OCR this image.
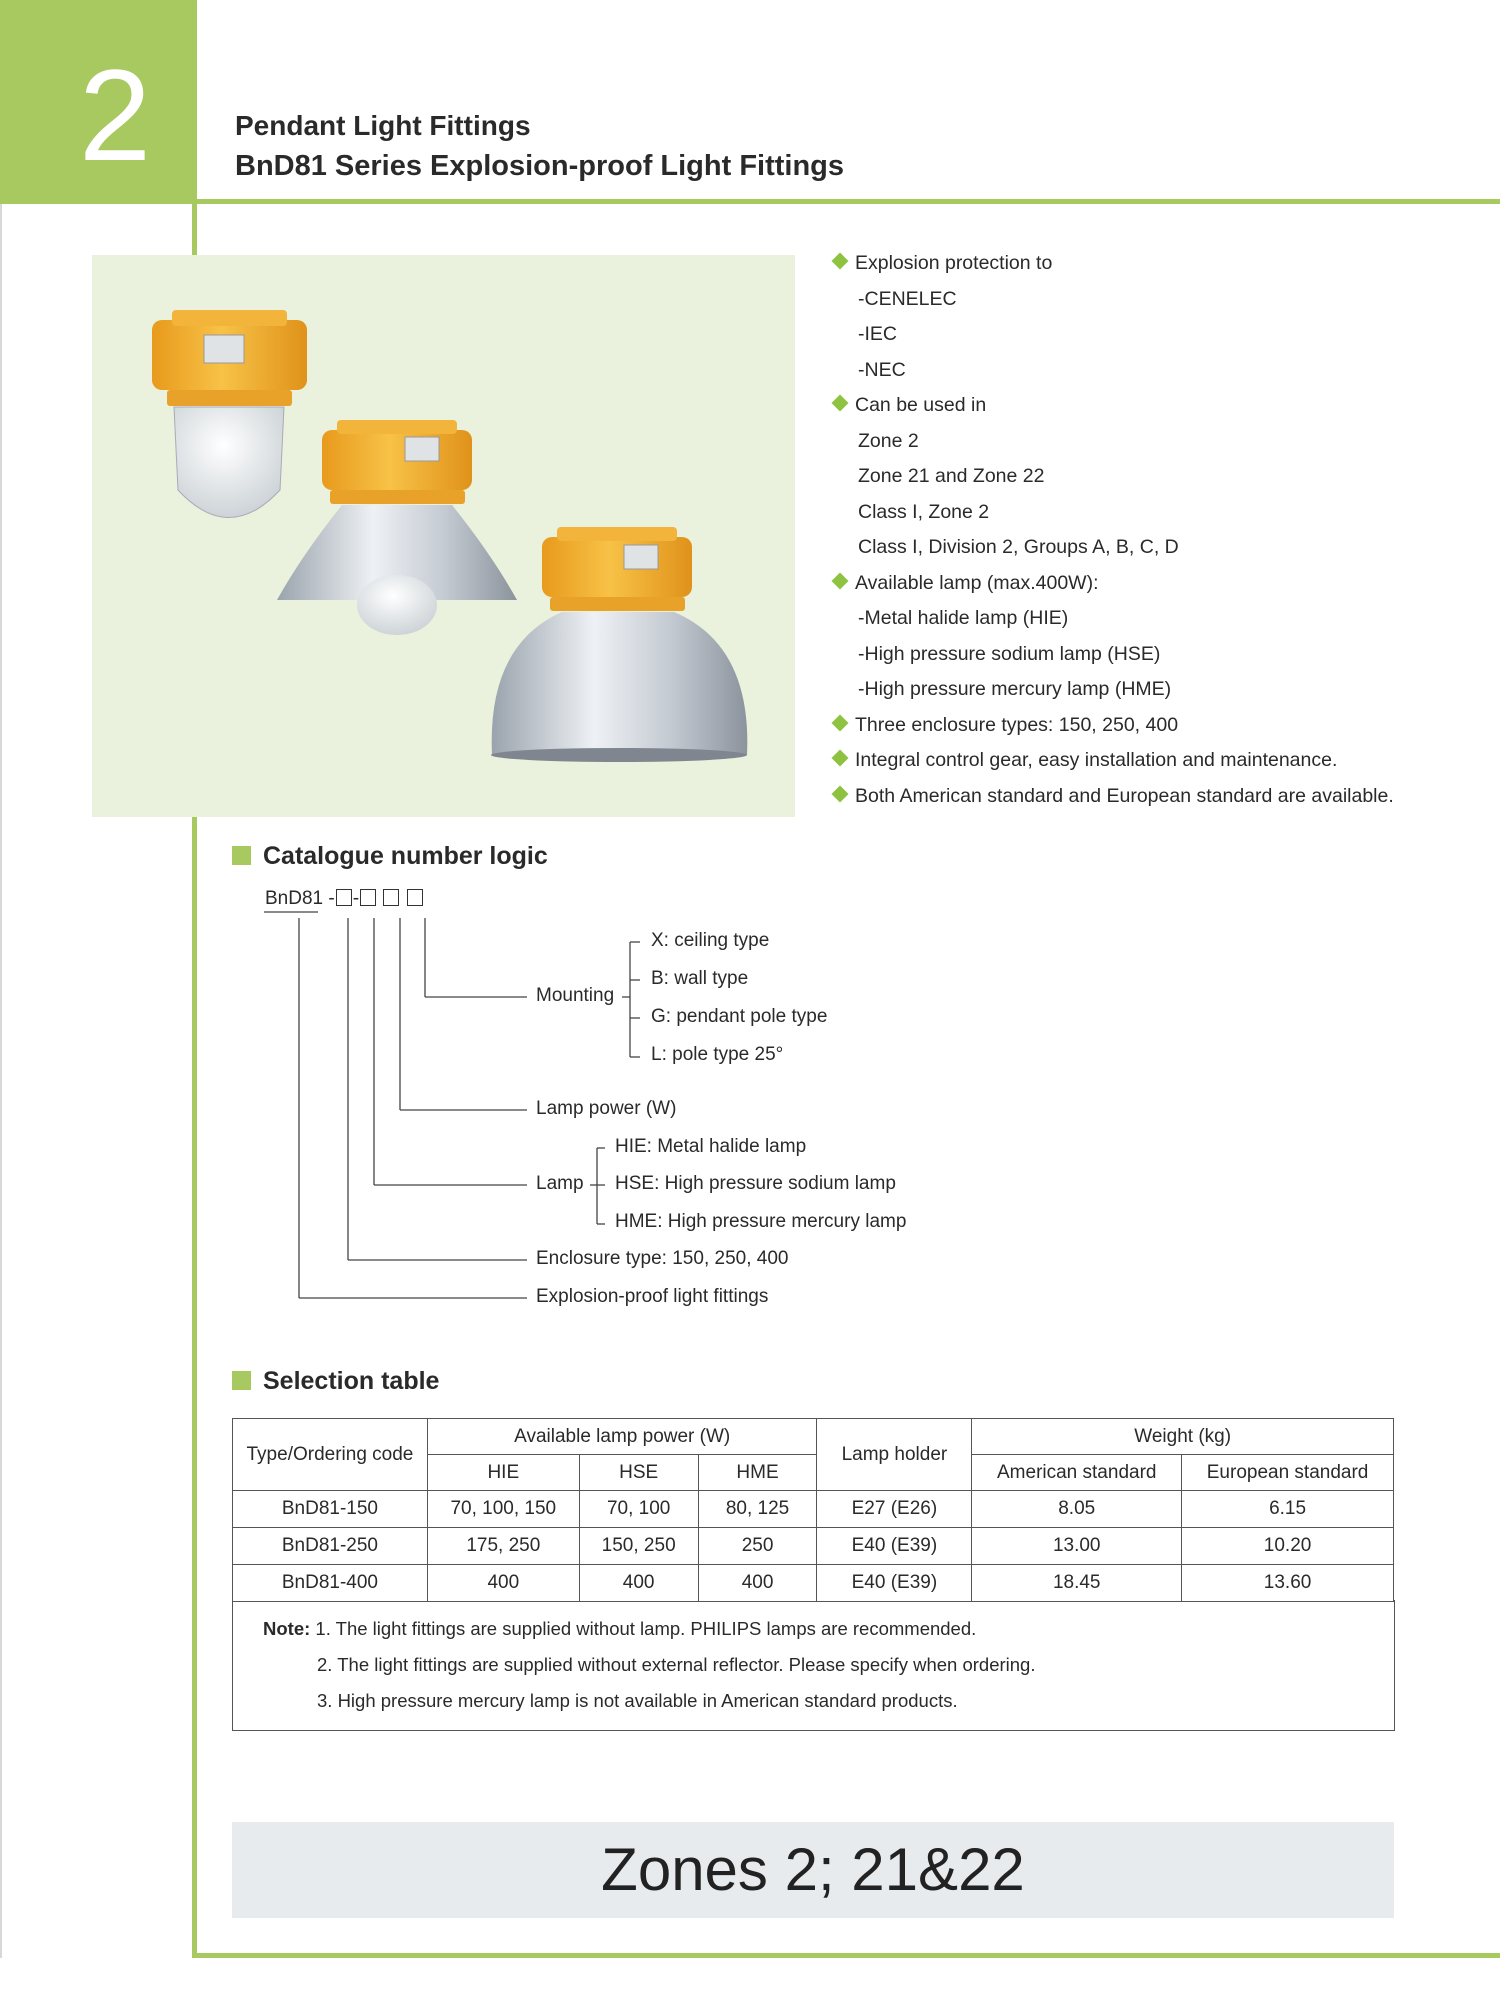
2	Pendant Light Fittings
BnD81 Series Explosion-proof Light Fittings
Explosion protection to
-CENELEC
-IEC
-NEC
Can be used in
Zone 2
Zone 21 and Zone 22
Class I, Zone 2
Class I, Division 2, Groups A, B, C, D
Available lamp (max.400W):
-Metal halide lamp (HIE)
-High pressure sodium lamp (HSE)
-High pressure mercury lamp (HME)
Three enclosure types: 150, 250, 400
Integral control gear, easy installation and maintenance.
Both American standard and European standard are available.
Catalogue number logic
BnD81 - -
Mounting
X: ceiling type
B: wall type
G: pendant pole type
L: pole type 25°
Lamp power (W)
Lamp
HIE: Metal halide lamp
HSE: High pressure sodium lamp
HME: High pressure mercury lamp
Enclosure type: 150, 250, 400
Explosion-proof light fittings
Selection table
Type/Ordering code	Available lamp power (W)			Lamp holder	Weight (kg)	
	HIE	HSE	HME		American standard	European standard
BnD81-150	70, 100, 150	70, 100	80, 125	E27 (E26)	8.05	6.15
BnD81-250	175, 250	150, 250	250	E40 (E39)	13.00	10.20
BnD81-400	400	400	400	E40 (E39)	18.45	13.60
Note: 1. The light fittings are supplied without lamp. PHILIPS lamps are recommended.
2. The light fittings are supplied without external reflector. Please specify when ordering.
3. High pressure mercury lamp is not available in American standard products.
Zones 2; 21&22
